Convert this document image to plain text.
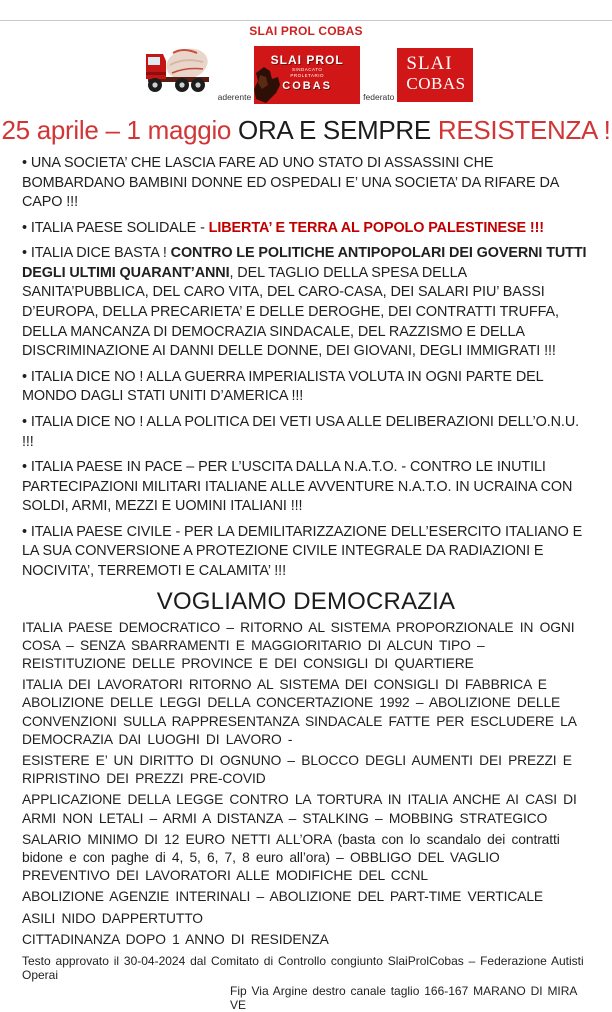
SLAI PROL COBAS
aderente
SLAI PROL
SINDACATO
PROLETARIO
COBAS
federato
SLAI
COBAS
25 aprile – 1 maggio ORA E SEMPRE RESISTENZA !

• UNA SOCIETA’ CHE LASCIA FARE AD UNO STATO DI ASSASSINI CHE BOMBARDANO BAMBINI DONNE ED OSPEDALI E’ UNA SOCIETA’ DA RIFARE DA CAPO !!!

• ITALIA PAESE SOLIDALE - LIBERTA’ E TERRA AL POPOLO PALESTINESE !!!

• ITALIA DICE BASTA ! CONTRO LE POLITICHE ANTIPOPOLARI DEI GOVERNI TUTTI DEGLI ULTIMI QUARANT’ANNI, DEL TAGLIO DELLA SPESA DELLA SANITA’PUBBLICA, DEL CARO VITA, DEL CARO-CASA, DEI SALARI PIU’ BASSI D’EUROPA, DELLA PRECARIETA’ E DELLE DEROGHE, DEI CONTRATTI TRUFFA, DELLA MANCANZA DI DEMOCRAZIA SINDACALE, DEL RAZZISMO E DELLA DISCRIMINAZIONE AI DANNI DELLE DONNE, DEI GIOVANI, DEGLI IMMIGRATI !!!

• ITALIA DICE NO ! ALLA GUERRA IMPERIALISTA VOLUTA IN OGNI PARTE DEL MONDO DAGLI STATI UNITI D’AMERICA !!!

• ITALIA DICE NO ! ALLA POLITICA DEI VETI USA ALLE DELIBERAZIONI DELL’O.N.U. !!!

• ITALIA PAESE IN PACE – PER L’USCITA DALLA N.A.T.O. - CONTRO LE INUTILI PARTECIPAZIONI MILITARI ITALIANE ALLE AVVENTURE N.A.T.O. IN UCRAINA CON SOLDI, ARMI, MEZZI E UOMINI ITALIANI !!!

• ITALIA PAESE CIVILE - PER LA DEMILITARIZZAZIONE DELL’ESERCITO ITALIANO E LA SUA CONVERSIONE A PROTEZIONE CIVILE INTEGRALE DA RADIAZIONI E NOCIVITA’, TERREMOTI E CALAMITA’ !!!

VOGLIAMO DEMOCRAZIA

ITALIA PAESE DEMOCRATICO – RITORNO AL SISTEMA PROPORZIONALE IN OGNI COSA – SENZA SBARRAMENTI E MAGGIORITARIO DI ALCUN TIPO – REISTITUZIONE DELLE PROVINCE E DEI CONSIGLI DI QUARTIERE

ITALIA DEI LAVORATORI RITORNO AL SISTEMA DEI CONSIGLI DI FABBRICA E ABOLIZIONE DELLE LEGGI DELLA CONCERTAZIONE 1992 – ABOLIZIONE DELLE CONVENZIONI SULLA RAPPRESENTANZA SINDACALE FATTE PER ESCLUDERE LA DEMOCRAZIA DAI LUOGHI DI LAVORO -

ESISTERE E’ UN DIRITTO DI OGNUNO – BLOCCO DEGLI AUMENTI DEI PREZZI E RIPRISTINO DEI PREZZI PRE-COVID

APPLICAZIONE DELLA LEGGE CONTRO LA TORTURA IN ITALIA ANCHE AI CASI DI ARMI NON LETALI – ARMI A DISTANZA – STALKING – MOBBING STRATEGICO

SALARIO MINIMO DI 12 EURO NETTI ALL’ORA (basta con lo scandalo dei contratti bidone e con paghe di 4, 5, 6, 7, 8 euro all’ora) – OBBLIGO DEL VAGLIO PREVENTIVO DEI LAVORATORI ALLE MODIFICHE DEL CCNL

ABOLIZIONE AGENZIE INTERINALI – ABOLIZIONE DEL PART-TIME VERTICALE

ASILI NIDO DAPPERTUTTO

CITTADINANZA DOPO 1 ANNO DI RESIDENZA

Testo approvato il 30-04-2024 dal Comitato di Controllo congiunto SlaiProlCobas – Federazione Autisti Operai
Fip Via Argine destro canale taglio 166-167 MARANO DI MIRA VE
